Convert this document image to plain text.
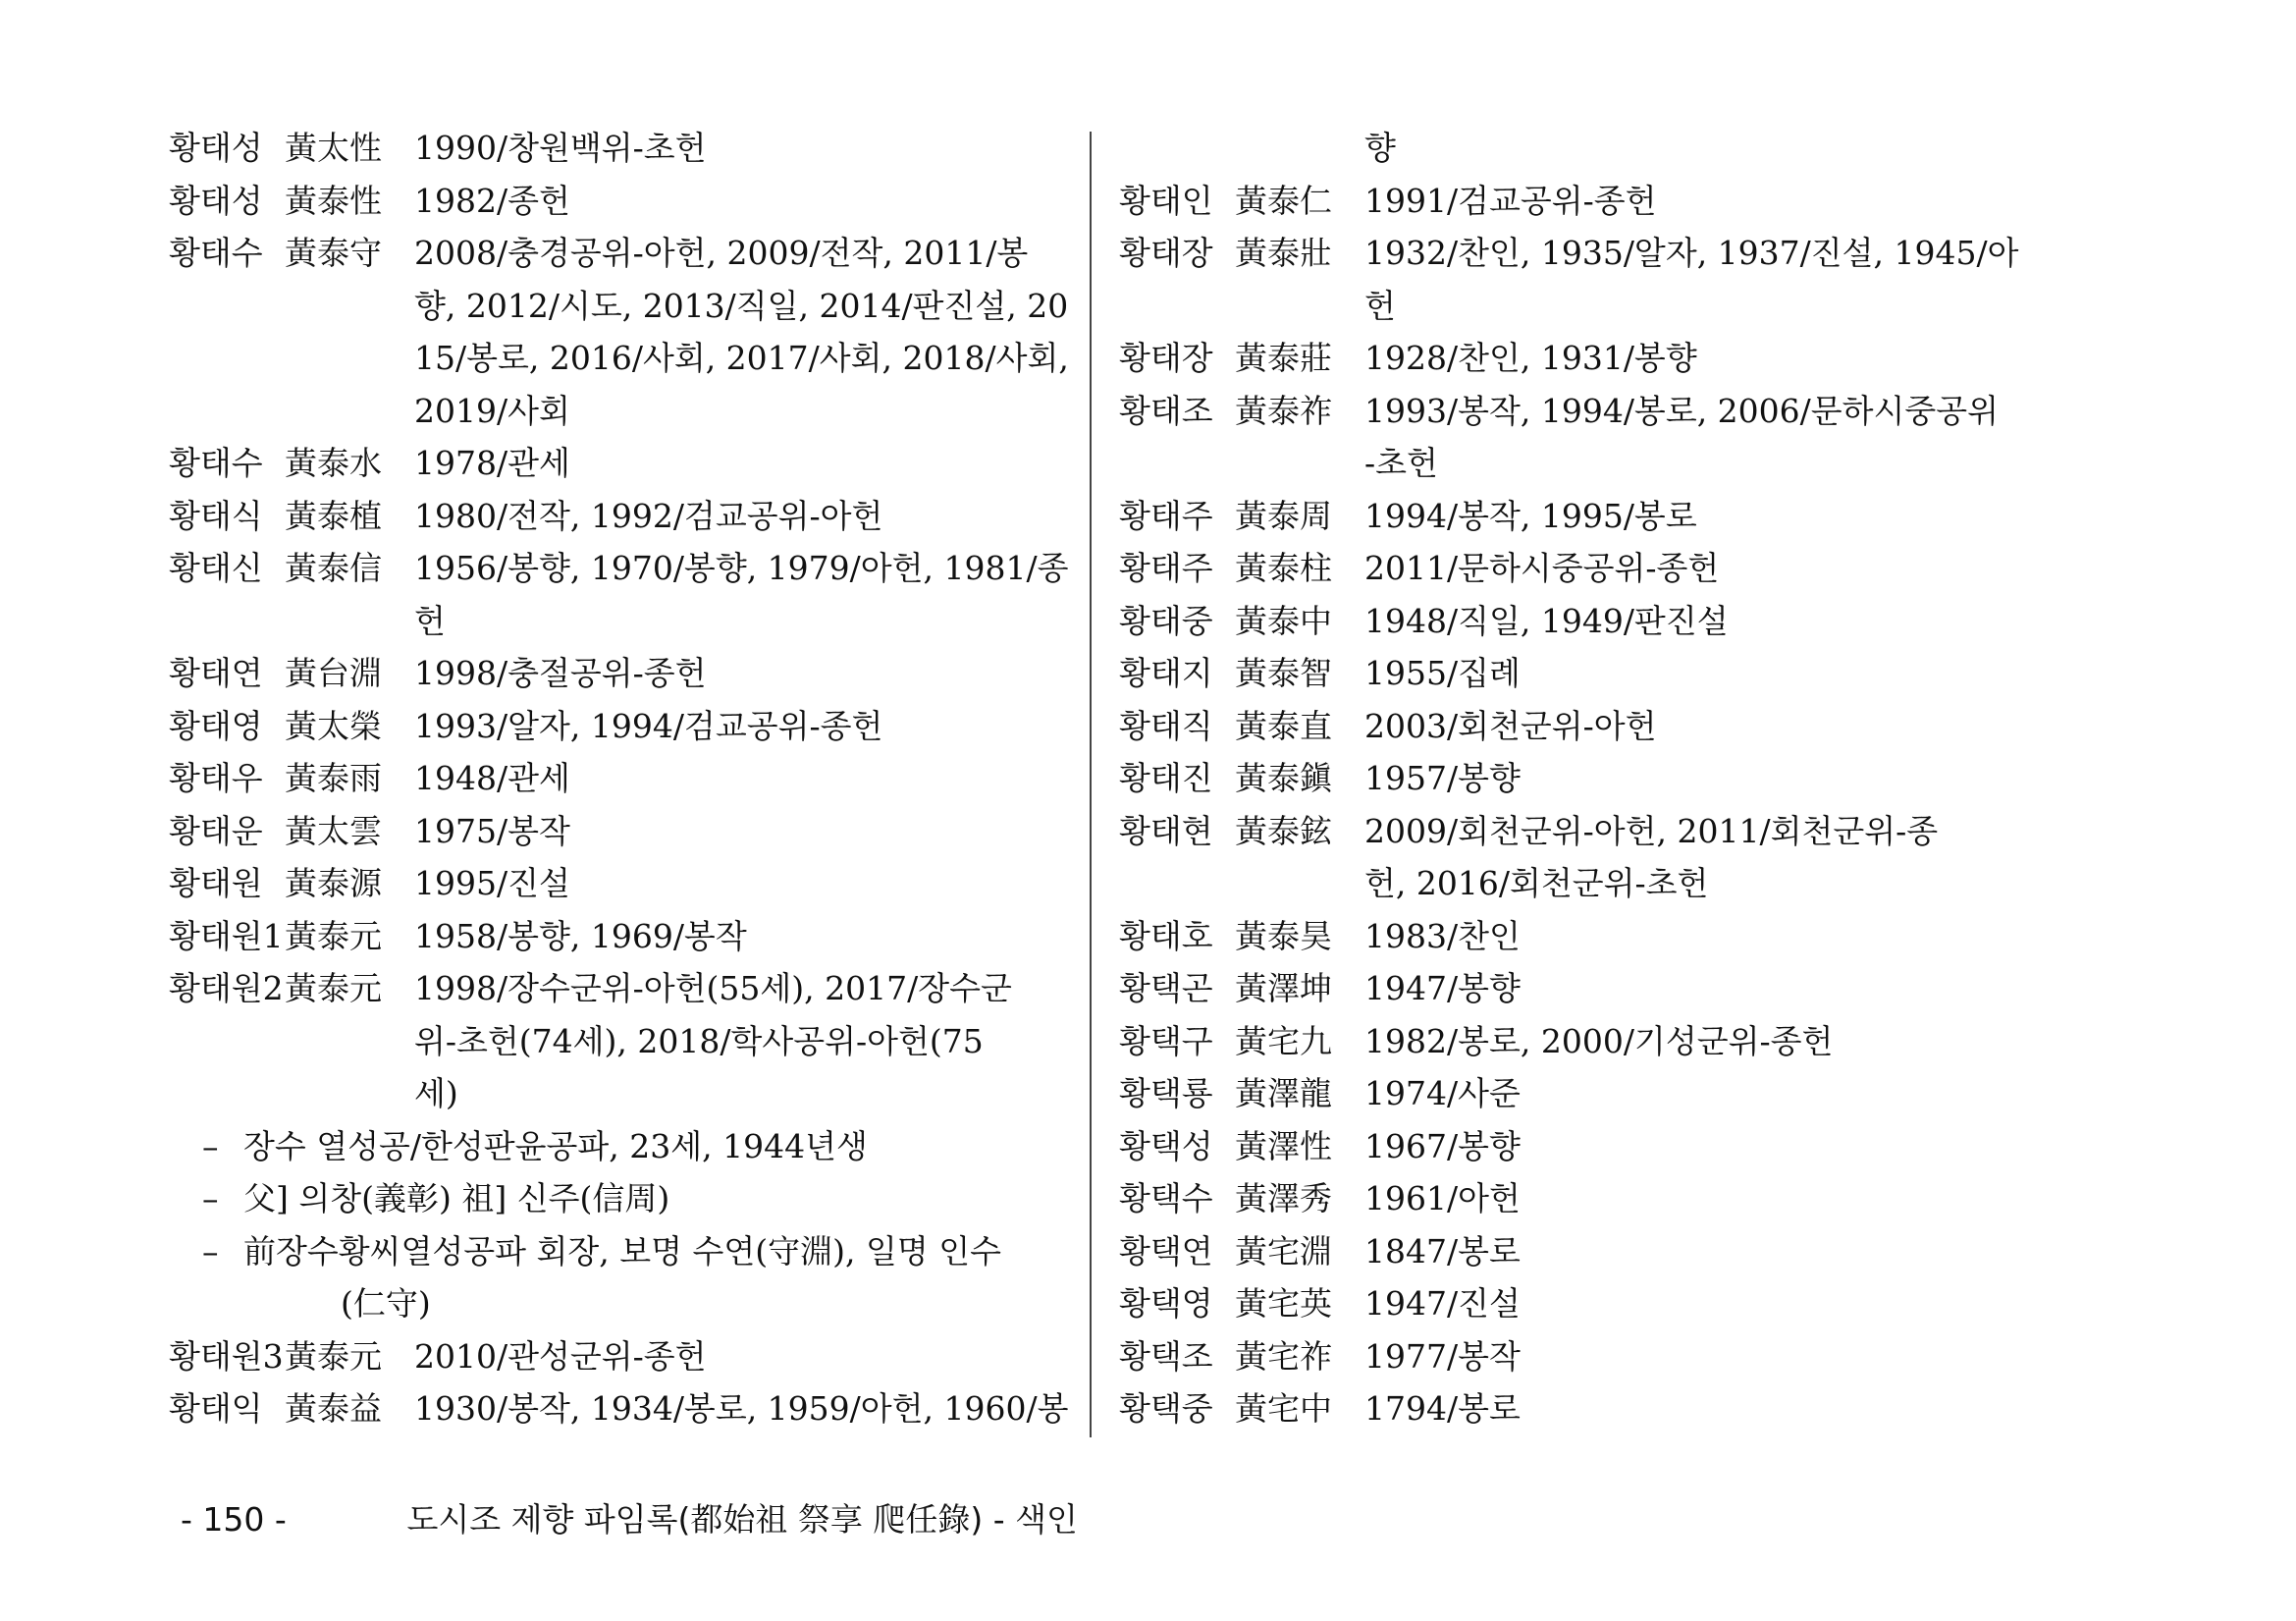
황태성 黃太性 1990/창원백위-초헌
황태성 黃泰性 1982/종헌
황태수 黃泰守 2008/충경공위-아헌, 2009/전작, 2011/봉
향, 2012/시도, 2013/직일, 2014/판진설, 20
15/봉로, 2016/사회, 2017/사회, 2018/사회,
2019/사회
황태수 黃泰水 1978/관세
황태식 黃泰植 1980/전작, 1992/검교공위-아헌
황태신 黃泰信 1956/봉향, 1970/봉향, 1979/아헌, 1981/종
헌
황태연 黃台淵 1998/충절공위-종헌
황태영 黃太榮 1993/알자, 1994/검교공위-종헌
황태우 黃泰雨 1948/관세
황태운 黃太雲 1975/봉작
황태원 黃泰源 1995/진설
황태원1 黃泰元 1958/봉향, 1969/봉작
황태원2 黃泰元 1998/장수군위-아헌(55세), 2017/장수군
위-초헌(74세), 2018/학사공위-아헌(75
세)
– 장수 열성공/한성판윤공파, 23세, 1944년생
– 父] 의창(義彰) 祖] 신주(信周)
– 前장수황씨열성공파 회장, 보명 수연(守淵), 일명 인수
　　　(仁守)
황태원3 黃泰元 2010/관성군위-종헌
황태익 黃泰益 1930/봉작, 1934/봉로, 1959/아헌, 1960/봉
향
황태인 黃泰仁 1991/검교공위-종헌
황태장 黃泰壯 1932/찬인, 1935/알자, 1937/진설, 1945/아
헌
황태장 黃泰莊 1928/찬인, 1931/봉향
황태조 黃泰祚 1993/봉작, 1994/봉로, 2006/문하시중공위
-초헌
황태주 黃泰周 1994/봉작, 1995/봉로
황태주 黃泰柱 2011/문하시중공위-종헌
황태중 黃泰中 1948/직일, 1949/판진설
황태지 黃泰智 1955/집례
황태직 黃泰直 2003/회천군위-아헌
황태진 黃泰鎭 1957/봉향
황태현 黃泰鉉 2009/회천군위-아헌, 2011/회천군위-종
헌, 2016/회천군위-초헌
황태호 黃泰昊 1983/찬인
황택곤 黃澤坤 1947/봉향
황택구 黃宅九 1982/봉로, 2000/기성군위-종헌
황택룡 黃澤龍 1974/사준
황택성 黃澤性 1967/봉향
황택수 黃澤秀 1961/아헌
황택연 黃宅淵 1847/봉로
황택영 黃宅英 1947/진설
황택조 黃宅祚 1977/봉작
황택중 黃宅中 1794/봉로
- 150 -	도시조 제향 파임록(都始祖 祭享 爬任錄) - 색인
